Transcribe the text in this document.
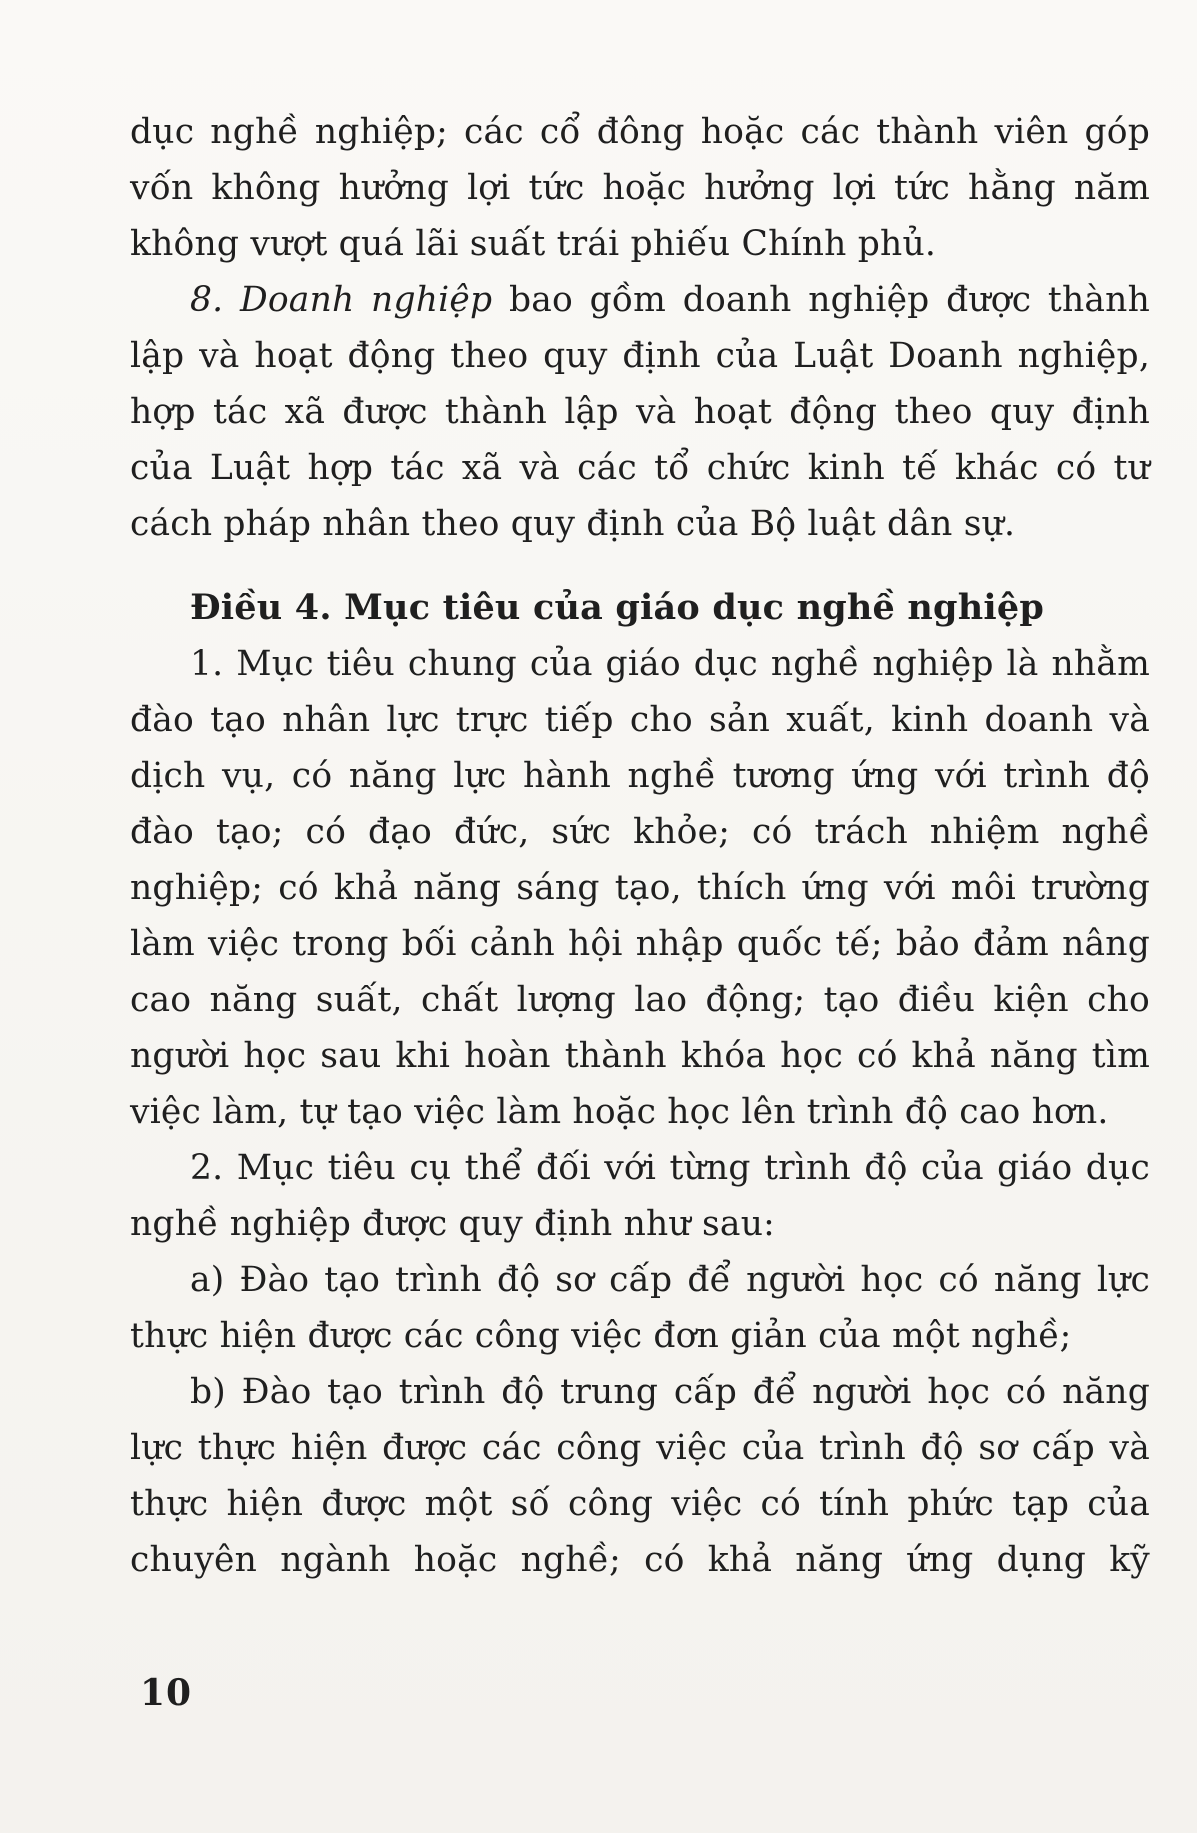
dục nghề nghiệp; các cổ đông hoặc các thành viên góp
vốn không hưởng lợi tức hoặc hưởng lợi tức hằng năm
không vượt quá lãi suất trái phiếu Chính phủ.
8. Doanh nghiệp bao gồm doanh nghiệp được thành
lập và hoạt động theo quy định của Luật Doanh nghiệp,
hợp tác xã được thành lập và hoạt động theo quy định
của Luật hợp tác xã và các tổ chức kinh tế khác có tư
cách pháp nhân theo quy định của Bộ luật dân sự.
Điều 4. Mục tiêu của giáo dục nghề nghiệp
1. Mục tiêu chung của giáo dục nghề nghiệp là nhằm
đào tạo nhân lực trực tiếp cho sản xuất, kinh doanh và
dịch vụ, có năng lực hành nghề tương ứng với trình độ
đào tạo; có đạo đức, sức khỏe; có trách nhiệm nghề
nghiệp; có khả năng sáng tạo, thích ứng với môi trường
làm việc trong bối cảnh hội nhập quốc tế; bảo đảm nâng
cao năng suất, chất lượng lao động; tạo điều kiện cho
người học sau khi hoàn thành khóa học có khả năng tìm
việc làm, tự tạo việc làm hoặc học lên trình độ cao hơn.
2. Mục tiêu cụ thể đối với từng trình độ của giáo dục
nghề nghiệp được quy định như sau:
a) Đào tạo trình độ sơ cấp để người học có năng lực
thực hiện được các công việc đơn giản của một nghề;
b) Đào tạo trình độ trung cấp để người học có năng
lực thực hiện được các công việc của trình độ sơ cấp và
thực hiện được một số công việc có tính phức tạp của
chuyên ngành hoặc nghề; có khả năng ứng dụng kỹ
10
